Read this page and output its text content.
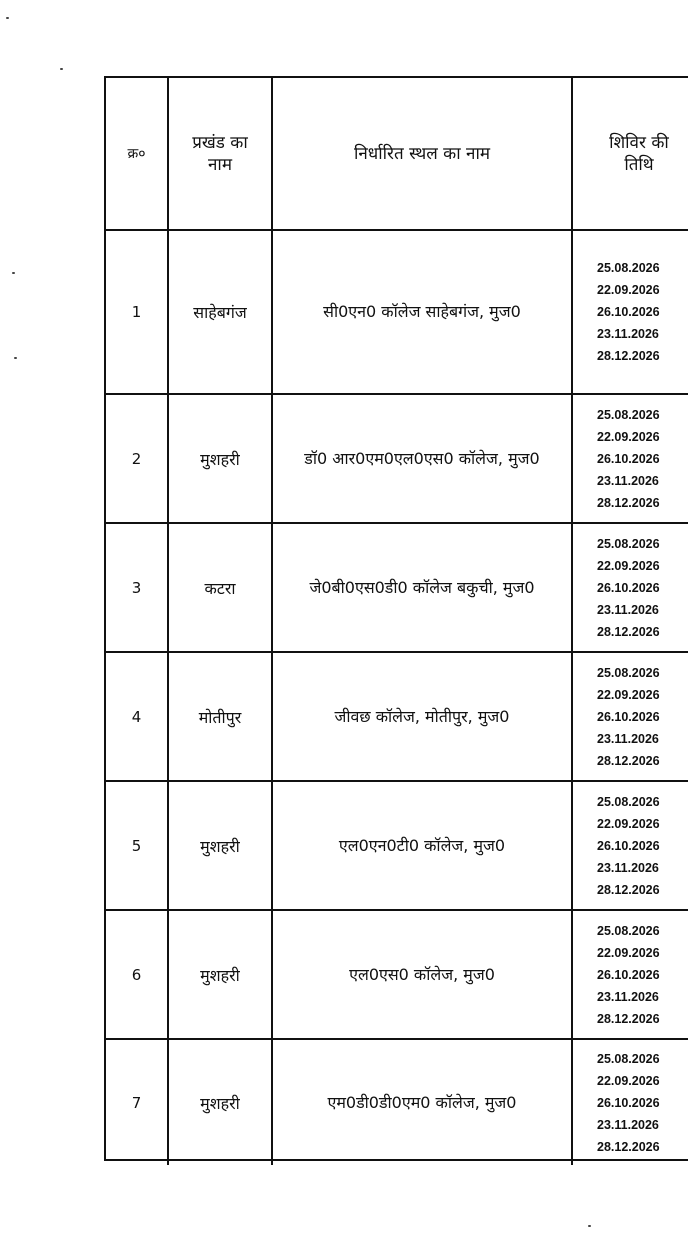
क्र०	प्रखंड का नाम	निर्धारित स्थल का नाम	शिविर की तिथि
1	साहेबगंज	सी0एन0 कॉलेज साहेबगंज, मुज0	25.08.2026
22.09.2026
26.10.2026
23.11.2026
28.12.2026

2	मुशहरी	डॉ0 आर0एम0एल0एस0 कॉलेज, मुज0	25.08.2026
22.09.2026
26.10.2026
23.11.2026
28.12.2026

3	कटरा	जे0बी0एस0डी0 कॉलेज बकुची, मुज0	25.08.2026
22.09.2026
26.10.2026
23.11.2026
28.12.2026

4	मोतीपुर	जीवछ कॉलेज, मोतीपुर, मुज0	25.08.2026
22.09.2026
26.10.2026
23.11.2026
28.12.2026

5	मुशहरी	एल0एन0टी0 कॉलेज, मुज0	25.08.2026
22.09.2026
26.10.2026
23.11.2026
28.12.2026

6	मुशहरी	एल0एस0 कॉलेज, मुज0	25.08.2026
22.09.2026
26.10.2026
23.11.2026
28.12.2026

7	मुशहरी	एम0डी0डी0एम0 कॉलेज, मुज0	25.08.2026
22.09.2026
26.10.2026
23.11.2026
28.12.2026
